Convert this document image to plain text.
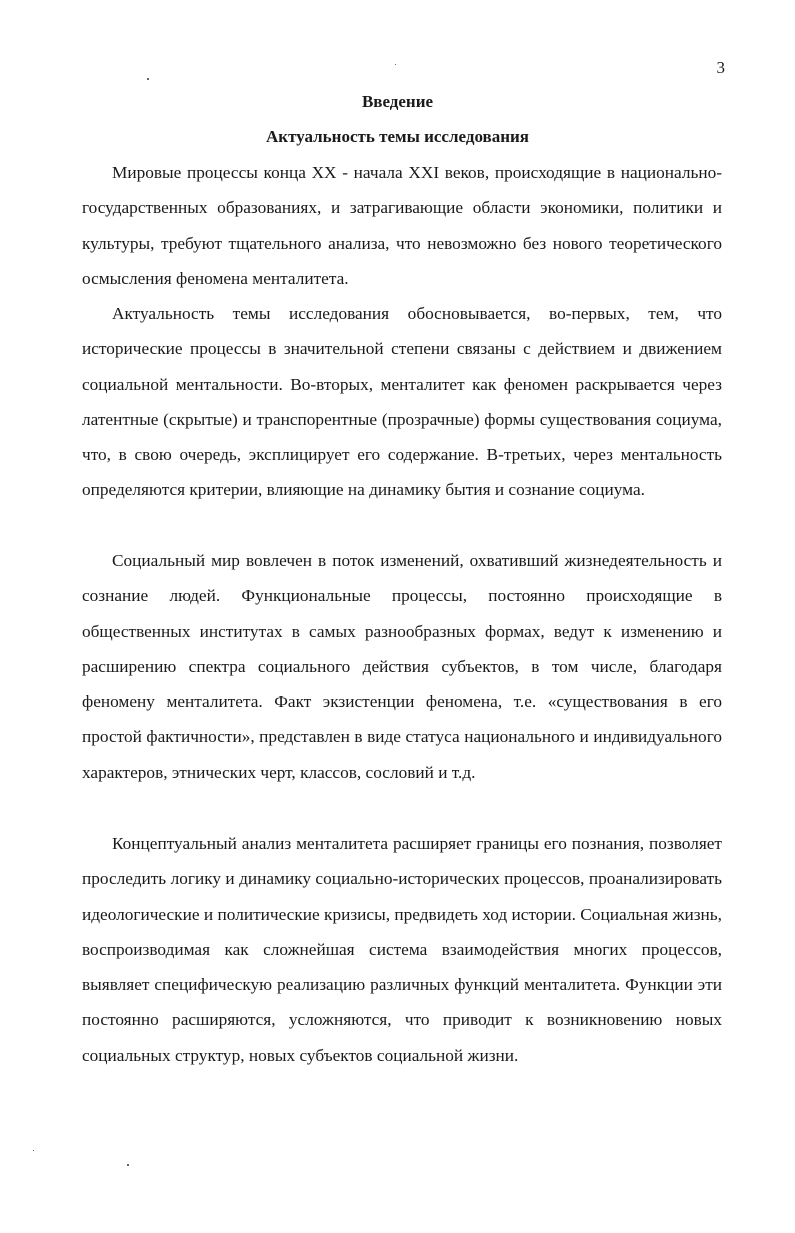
3
Введение
Актуальность темы исследования

Мировые процессы конца XX - начала XXI веков, происходящие в национально-государственных образованиях, и затрагивающие области экономики, политики и культуры, требуют тщательного анализа, что невозможно без нового теоретического осмысления феномена менталитета.

Актуальность темы исследования обосновывается, во-первых, тем, что исторические процессы в значительной степени связаны с действием и движением социальной ментальности. Во-вторых, менталитет как феномен раскрывается через латентные (скрытые) и транспорентные (прозрачные) формы существования социума, что, в свою очередь, эксплицирует его содержание. В-третьих, через ментальность определяются критерии, влияющие на динамику бытия и сознание социума.

Социальный мир вовлечен в поток изменений, охвативший жизнедеятельность и сознание людей. Функциональные процессы, постоянно происходящие в общественных институтах в самых разнообразных формах, ведут к изменению и расширению спектра социального действия субъектов, в том числе, благодаря феномену менталитета. Факт экзистенции феномена, т.е. «существования в его простой фактичности», представлен в виде статуса национального и индивидуального характеров, этнических черт, классов, сословий и т.д.

Концептуальный анализ менталитета расширяет границы его познания, позволяет проследить логику и динамику социально-исторических процессов, проанализировать идеологические и политические кризисы, предвидеть ход истории. Социальная жизнь, воспроизводимая как сложнейшая система взаимодействия многих процессов, выявляет специфическую реализацию различных функций менталитета. Функции эти постоянно расширяются, усложняются, что приводит к возникновению новых социальных структур, новых субъектов социальной жизни.
